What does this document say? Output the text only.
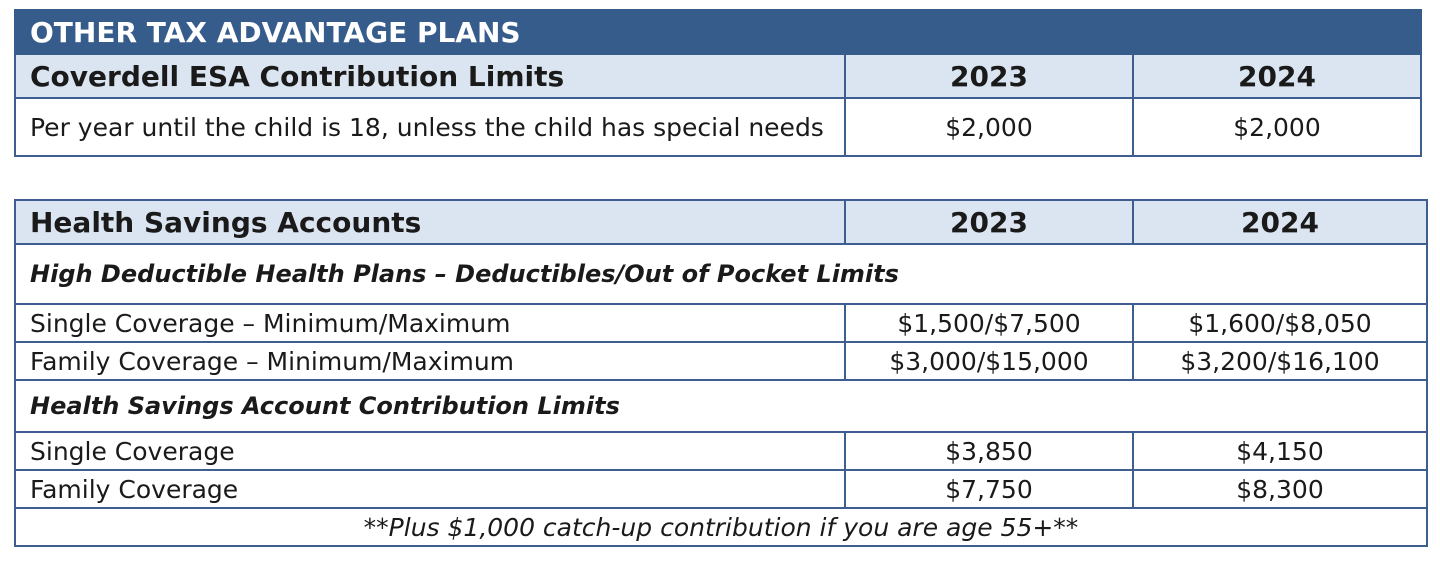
OTHER TAX ADVANTAGE PLANS		
Coverdell ESA Contribution Limits	2023	2024
Per year until the child is 18, unless the child has special needs	$2,000	$2,000
Health Savings Accounts	2023	2024
High Deductible Health Plans – Deductibles/Out of Pocket Limits		
Single Coverage – Minimum/Maximum	$1,500/$7,500	$1,600/$8,050
Family Coverage – Minimum/Maximum	$3,000/$15,000	$3,200/$16,100
Health Savings Account Contribution Limits		
Single Coverage	$3,850	$4,150
Family Coverage	$7,750	$8,300
**Plus $1,000 catch-up contribution if you are age 55+**		
